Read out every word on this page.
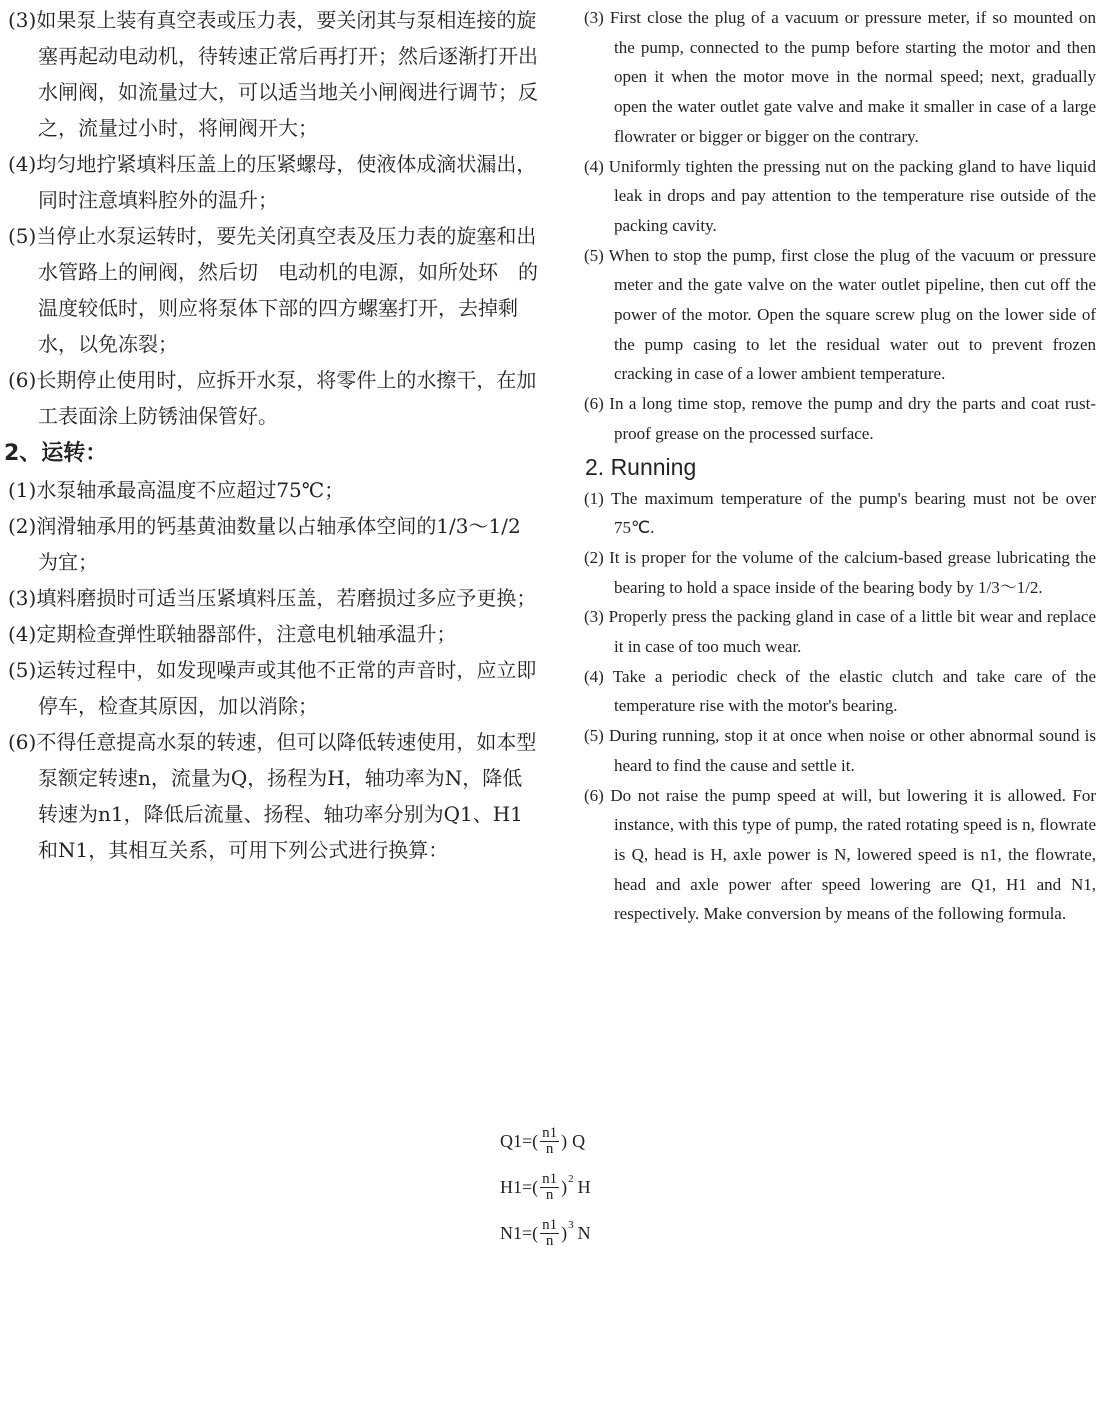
(3)如果泵上装有真空表或压力表，要关闭其与泵相连接的旋塞再起动电动机，待转速正常后再打开；然后逐渐打开出水闸阀，如流量过大，可以适当地关小闸阀进行调节；反之，流量过小时，将闸阀开大；

(4)均匀地拧紧填料压盖上的压紧螺母，使液体成滴状漏出，同时注意填料腔外的温升；

(5)当停止水泵运转时，要先关闭真空表及压力表的旋塞和出水管路上的闸阀，然后切　电动机的电源，如所处环　的温度较低时，则应将泵体下部的四方螺塞打开，去掉剩水，以免冻裂；

(6)长期停止使用时，应拆开水泵，将零件上的水擦干，在加工表面涂上防锈油保管好。

2、运转：

(1)水泵轴承最高温度不应超过75℃；

(2)润滑轴承用的钙基黄油数量以占轴承体空间的1/3～1/2为宜；

(3)填料磨损时可适当压紧填料压盖，若磨损过多应予更换；

(4)定期检查弹性联轴器部件，注意电机轴承温升；

(5)运转过程中，如发现噪声或其他不正常的声音时，应立即停车，检查其原因，加以消除；

(6)不得任意提高水泵的转速，但可以降低转速使用，如本型泵额定转速n，流量为Q，扬程为H，轴功率为N，降低转速为n1，降低后流量、扬程、轴功率分别为Q1、H1和N1，其相互关系，可用下列公式进行换算：

(3) First close the plug of a vacuum or pressure meter, if so mounted on the pump, connected to the pump before starting the motor and then open it when the motor move in the normal speed; next, gradually open the water outlet gate valve and make it smaller in case of a large flowrater or bigger or bigger on the contrary.

(4) Uniformly tighten the pressing nut on the packing gland to have liquid leak in drops and pay attention to the temperature rise outside of the packing cavity.

(5) When to stop the pump, first close the plug of the vacuum or pressure meter and the gate valve on the water outlet pipeline, then cut off the power of the motor. Open the square screw plug on the lower side of the pump casing to let the residual water out to prevent frozen cracking in case of a lower ambient temperature.

(6) In a long time stop, remove the pump and dry the parts and coat rust-proof grease on the processed surface.

2. Running

(1) The maximum temperature of the pump's bearing must not be over 75℃.

(2) It is proper for the volume of the calcium-based grease lubricating the bearing to hold a space inside of the bearing body by 1/3～1/2.

(3) Properly press the packing gland in case of a little bit wear and replace it in case of too much wear.

(4) Take a periodic check of the elastic clutch and take care of the temperature rise with the motor's bearing.

(5) During running, stop it at once when noise or other abnormal sound is heard to find the cause and settle it.

(6) Do not raise the pump speed at will, but lowering it is allowed. For instance, with this type of pump, the rated rotating speed is n, flowrate is Q, head is H, axle power is N, lowered speed is n1, the flowrate, head and axle power after speed lowering are Q1, H1 and N1, respectively. Make conversion by means of the following formula.

$Q1=( \frac{n1}{n}$ ) Q
$H1=( \frac{n1}{n}$ ) 2 H
$N1=( \frac{n1}{n}$ ) 3 N
